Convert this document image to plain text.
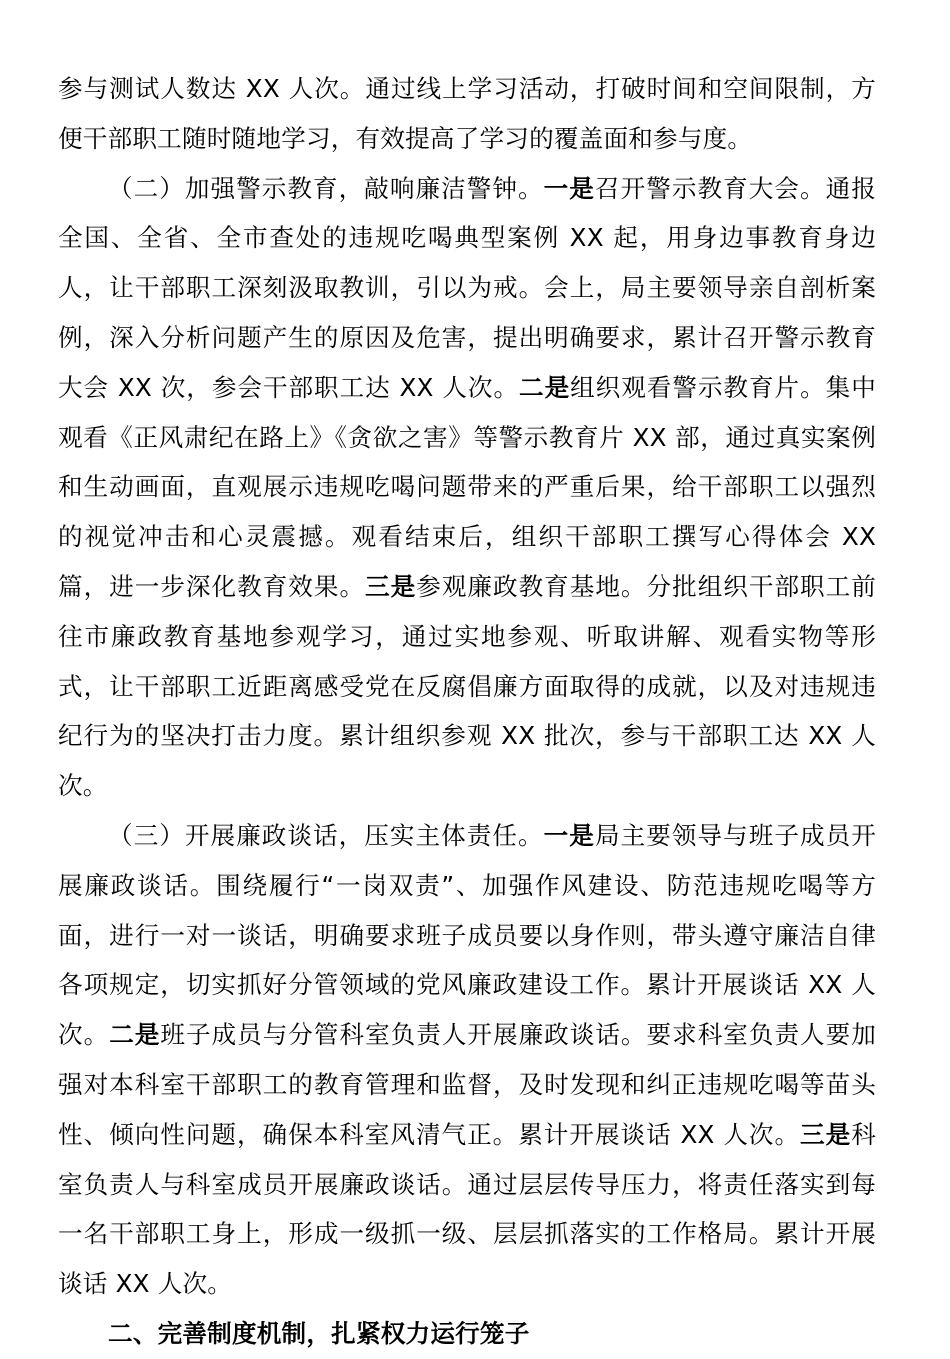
参与测试人数达 XX 人次。通过线上学习活动，打破时间和空间限制，方便干部职工随时随地学习，有效提高了学习的覆盖面和参与度。

（二）加强警示教育，敲响廉洁警钟。一是召开警示教育大会。通报全国、全省、全市查处的违规吃喝典型案例 XX 起，用身边事教育身边人，让干部职工深刻汲取教训，引以为戒。会上，局主要领导亲自剖析案例，深入分析问题产生的原因及危害，提出明确要求，累计召开警示教育大会 XX 次，参会干部职工达 XX 人次。二是组织观看警示教育片。集中观看《正风肃纪在路上》《贪欲之害》等警示教育片 XX 部，通过真实案例和生动画面，直观展示违规吃喝问题带来的严重后果，给干部职工以强烈的视觉冲击和心灵震撼。观看结束后，组织干部职工撰写心得体会 XX 篇，进一步深化教育效果。三是参观廉政教育基地。分批组织干部职工前往市廉政教育基地参观学习，通过实地参观、听取讲解、观看实物等形式，让干部职工近距离感受党在反腐倡廉方面取得的成就，以及对违规违纪行为的坚决打击力度。累计组织参观 XX 批次，参与干部职工达 XX 人次。

（三）开展廉政谈话，压实主体责任。一是局主要领导与班子成员开展廉政谈话。围绕履行“一岗双责”、加强作风建设、防范违规吃喝等方面，进行一对一谈话，明确要求班子成员要以身作则，带头遵守廉洁自律各项规定，切实抓好分管领域的党风廉政建设工作。累计开展谈话 XX 人次。二是班子成员与分管科室负责人开展廉政谈话。要求科室负责人要加强对本科室干部职工的教育管理和监督，及时发现和纠正违规吃喝等苗头性、倾向性问题，确保本科室风清气正。累计开展谈话 XX 人次。三是科室负责人与科室成员开展廉政谈话。通过层层传导压力，将责任落实到每一名干部职工身上，形成一级抓一级、层层抓落实的工作格局。累计开展谈话 XX 人次。

二、完善制度机制，扎紧权力运行笼子
